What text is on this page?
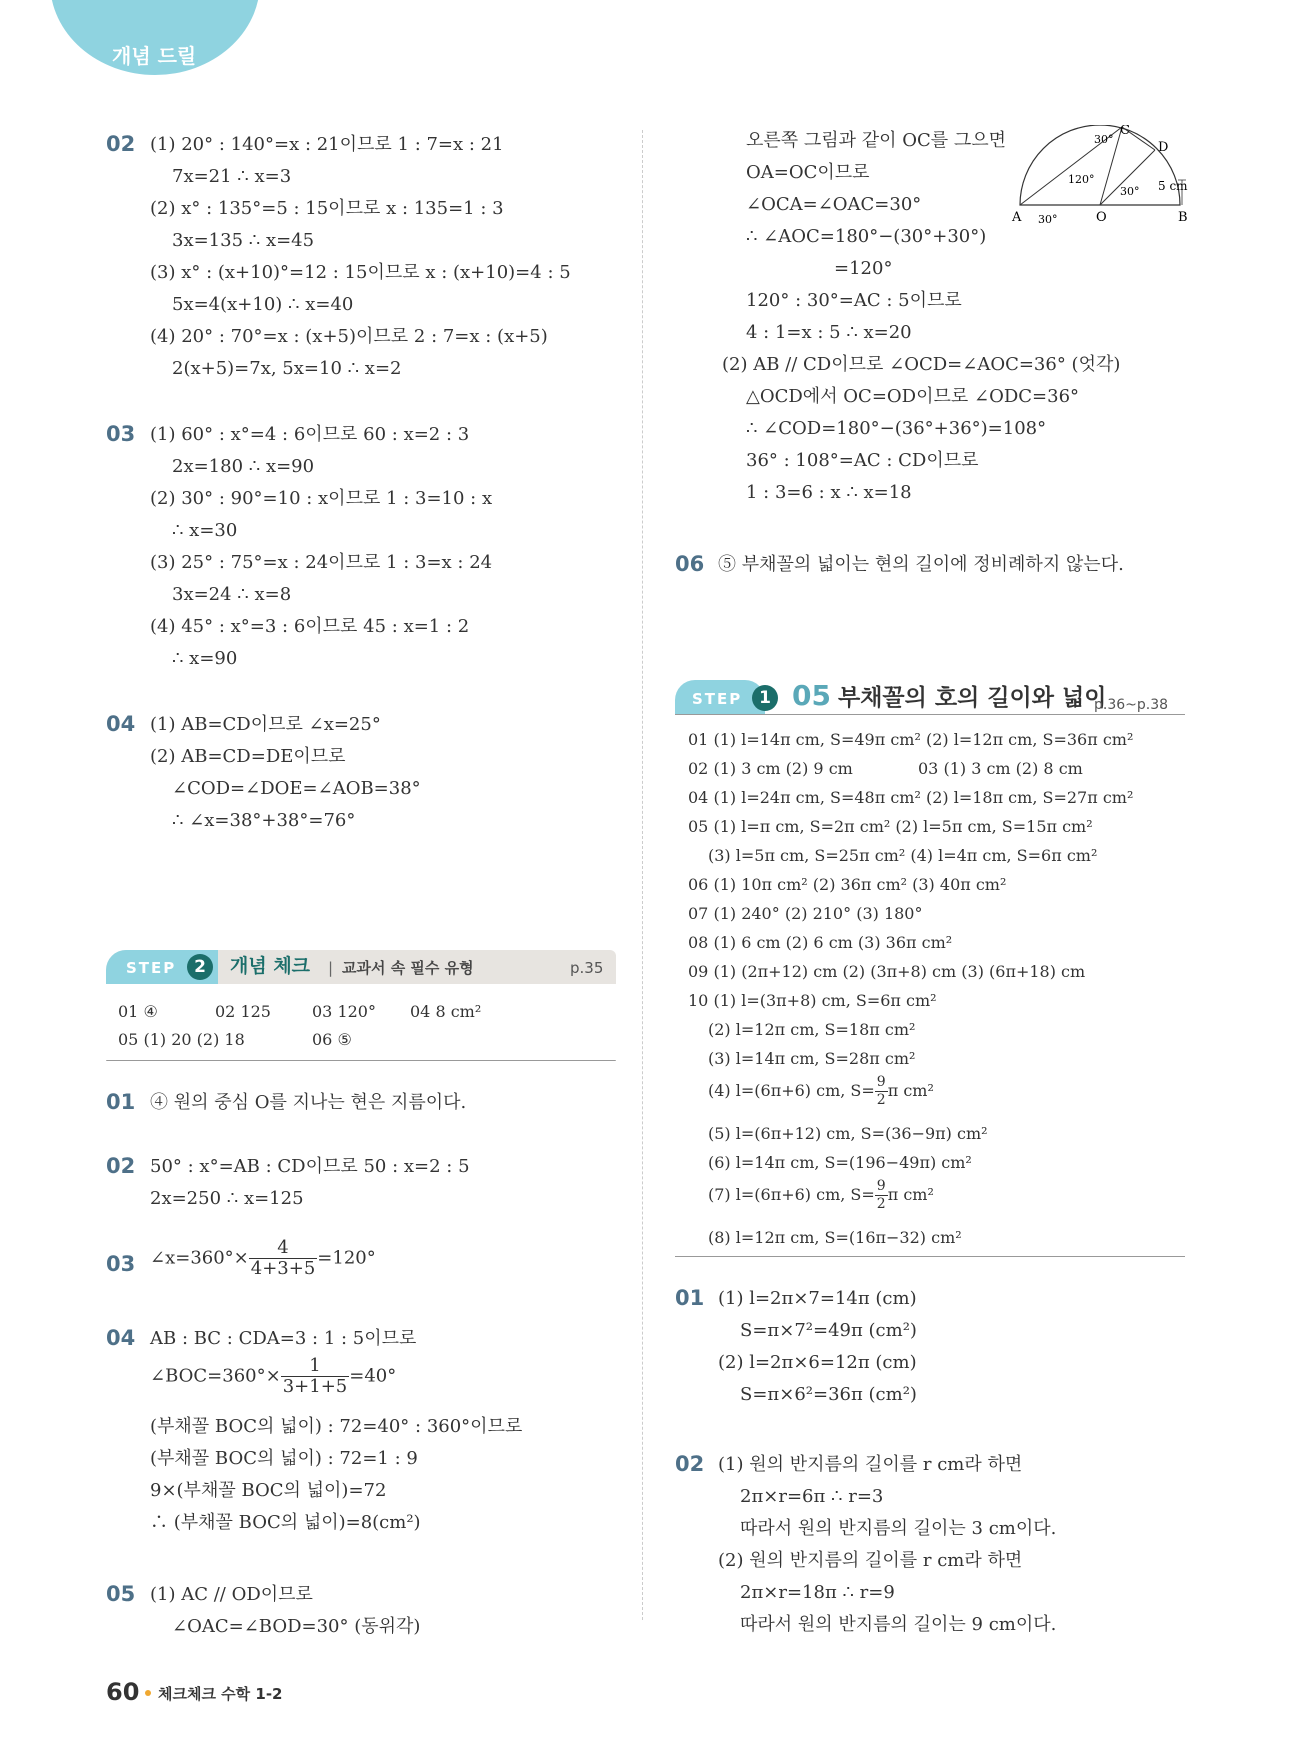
개념 드릴
02 (1) 20° : 140°=x : 21이므로 1 : 7=x : 21
7x=21 ∴ x=3
(2) x° : 135°=5 : 15이므로 x : 135=1 : 3
3x=135 ∴ x=45
(3) x° : (x+10)°=12 : 15이므로 x : (x+10)=4 : 5
5x=4(x+10) ∴ x=40
(4) 20° : 70°=x : (x+5)이므로 2 : 7=x : (x+5)
2(x+5)=7x, 5x=10 ∴ x=2
03 (1) 60° : x°=4 : 6이므로 60 : x=2 : 3
2x=180 ∴ x=90
(2) 30° : 90°=10 : x이므로 1 : 3=10 : x
∴ x=30
(3) 25° : 75°=x : 24이므로 1 : 3=x : 24
3x=24 ∴ x=8
(4) 45° : x°=3 : 6이므로 45 : x=1 : 2
∴ x=90
04 (1) AB=CD이므로 ∠x=25°
(2) AB=CD=DE이므로
∠COD=∠DOE=∠AOB=38°
∴ ∠x=38°+38°=76°
STEP	2	개념 체크 | 교과서 속 필수 유형	p.35
01 ④	02 125	03 120° 04 8 cm²
05 (1) 20 (2) 18	06 ⑤
01 ④ 원의 중심 O를 지나는 현은 지름이다.
02 50° : x°=AB : CD이므로 50 : x=2 : 5
2x=250 ∴ x=125
03 ∠x=360°× $\frac{4}{4+3+5} =120^\circ$
04 AB : BC : CDA=3 : 1 : 5이므로
∠BOC=360°× $\frac{1}{3+1+5} =40^\circ$
(부채꼴 BOC의 넓이) : 72=40° : 360°이므로
(부채꼴 BOC의 넓이) : 72=1 : 9
9×(부채꼴 BOC의 넓이)=72
∴ (부채꼴 BOC의 넓이)=8(cm²)
05 (1) AC // OD이므로
∠OAC=∠BOD=30° (동위각)
오른쪽 그림과 같이 OC를 그으면
OA=OC이므로
∠OCA=∠OAC=30°
∴ ∠AOC=180°−(30°+30°)
=120°
120° : 30°=AC : 5이므로
4 : 1=x : 5 ∴ x=20
(2) AB // CD이므로 ∠OCD=∠AOC=36° (엇각)
△OCD에서 OC=OD이므로 ∠ODC=36°
∴ ∠COD=180°−(36°+36°)=108°
36° : 108°=AC : CD이므로
1 : 3=6 : x ∴ x=18
A	O	B
C
D
30°
120°
30°
30° 5 cm
06 ⑤ 부채꼴의 넓이는 현의 길이에 정비례하지 않는다.
STEP 1 05 부채꼴의 호의 길이와 넓이
p.36~p.38
01 (1) l=14π cm, S=49π cm² (2) l=12π cm, S=36π cm²
02 (1) 3 cm (2) 9 cm	03 (1) 3 cm (2) 8 cm
04 (1) l=24π cm, S=48π cm² (2) l=18π cm, S=27π cm²
05 (1) l=π cm, S=2π cm² (2) l=5π cm, S=15π cm²
(3) l=5π cm, S=25π cm² (4) l=4π cm, S=6π cm²
06 (1) 10π cm² (2) 36π cm² (3) 40π cm²
07 (1) 240° (2) 210° (3) 180°
08 (1) 6 cm (2) 6 cm (3) 36π cm²
09 (1) (2π+12) cm (2) (3π+8) cm (3) (6π+18) cm
10 (1) l=(3π+8) cm, S=6π cm²
(2) l=12π cm, S=18π cm²
(3) l=14π cm, S=28π cm²
(4) l=(6π+6) cm, $S= \frac{9}{2}$ π cm²
(5) l=(6π+12) cm, S=(36−9π) cm²
(6) l=14π cm, S=(196−49π) cm²
(7) l=(6π+6) cm, $S= \frac{9}{2}$ π cm²
(8) l=12π cm, S=(16π−32) cm²
01 (1) l=2π×7=14π (cm)
S=π×7²=49π (cm²)
(2) l=2π×6=12π (cm)
S=π×6²=36π (cm²)
02 (1) 원의 반지름의 길이를 r cm라 하면
2π×r=6π ∴ r=3
따라서 원의 반지름의 길이는 3 cm이다.
(2) 원의 반지름의 길이를 r cm라 하면
2π×r=18π ∴ r=9
따라서 원의 반지름의 길이는 9 cm이다.
60 체크체크 수학 1-2
